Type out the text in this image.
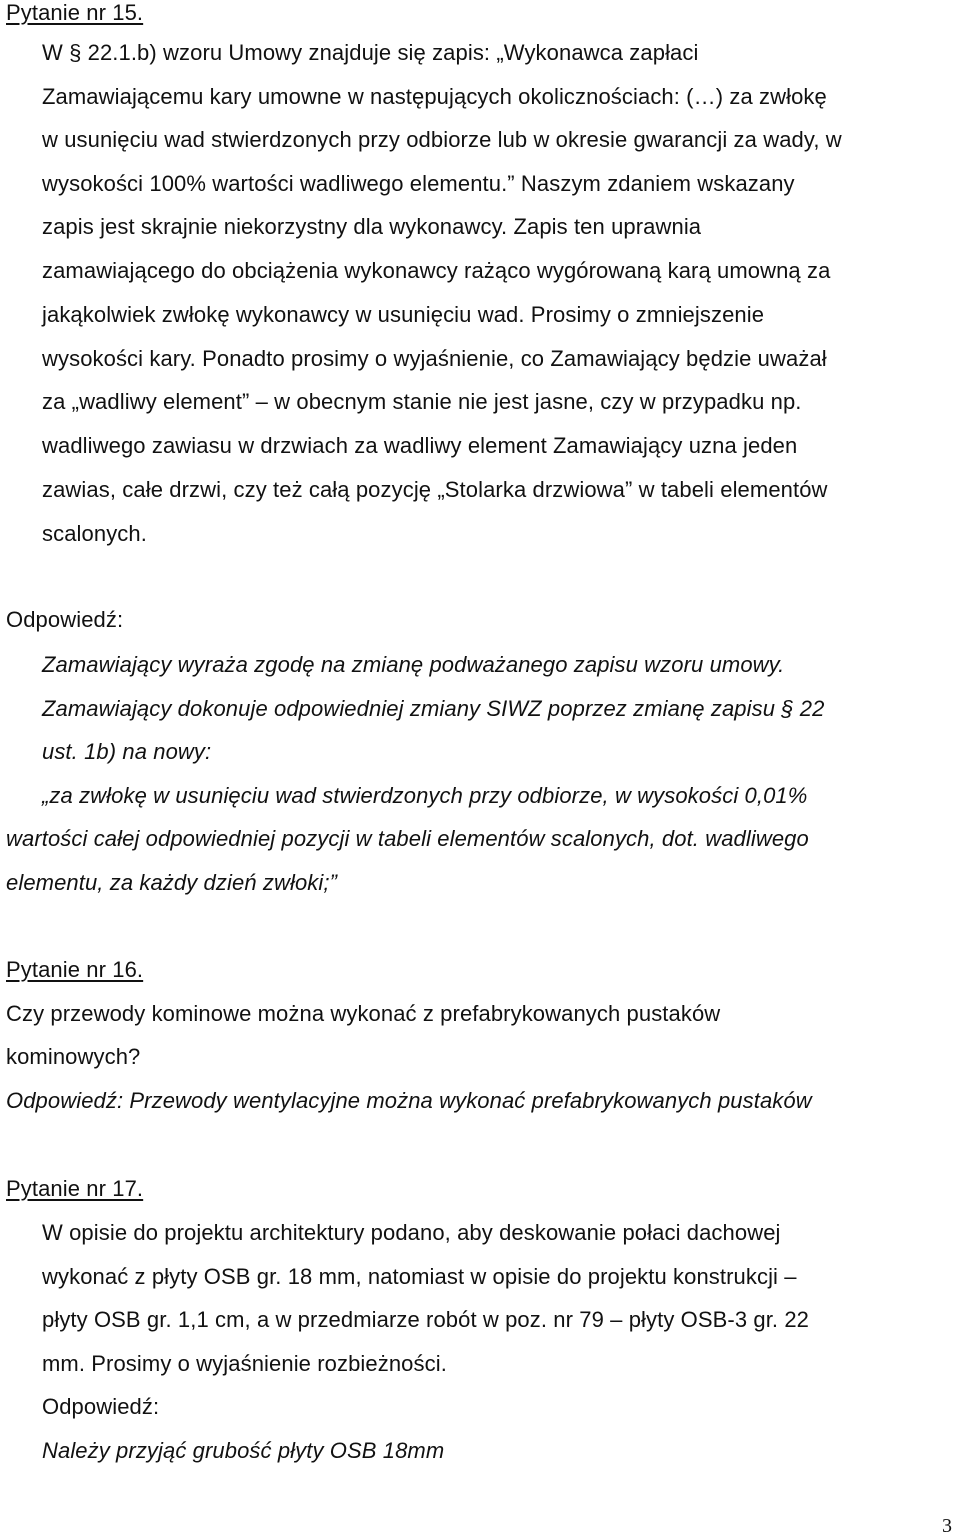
Pytanie nr 15.
W § 22.1.b) wzoru Umowy znajduje się zapis: „Wykonawca zapłaci
Zamawiającemu kary umowne w następujących okolicznościach: (…) za zwłokę
w usunięciu wad stwierdzonych przy odbiorze lub w okresie gwarancji za wady, w
wysokości 100% wartości wadliwego elementu.” Naszym zdaniem wskazany
zapis jest skrajnie niekorzystny dla wykonawcy. Zapis ten uprawnia
zamawiającego do obciążenia wykonawcy rażąco wygórowaną karą umowną za
jakąkolwiek zwłokę wykonawcy w usunięciu wad. Prosimy o zmniejszenie
wysokości kary. Ponadto prosimy o wyjaśnienie, co Zamawiający będzie uważał
za „wadliwy element” – w obecnym stanie nie jest jasne, czy w przypadku np.
wadliwego zawiasu w drzwiach za wadliwy element Zamawiający uzna jeden
zawias, całe drzwi, czy też całą pozycję „Stolarka drzwiowa” w tabeli elementów
scalonych.
Odpowiedź:
Zamawiający wyraża zgodę na zmianę podważanego zapisu wzoru umowy.
Zamawiający dokonuje odpowiedniej zmiany SIWZ poprzez zmianę zapisu § 22
ust. 1b) na nowy:
„za zwłokę w usunięciu wad stwierdzonych przy odbiorze, w wysokości 0,01%
wartości całej odpowiedniej pozycji w tabeli elementów scalonych, dot. wadliwego
elementu, za każdy dzień zwłoki;”
Pytanie nr 16.
Czy przewody kominowe można wykonać z prefabrykowanych pustaków
kominowych?
Odpowiedź: Przewody wentylacyjne można wykonać prefabrykowanych pustaków
Pytanie nr 17.
W opisie do projektu architektury podano, aby deskowanie połaci dachowej
wykonać z płyty OSB gr. 18 mm, natomiast w opisie do projektu konstrukcji –
płyty OSB gr. 1,1 cm, a w przedmiarze robót w poz. nr 79 – płyty OSB-3 gr. 22
mm. Prosimy o wyjaśnienie rozbieżności.
Odpowiedź:
Należy przyjąć grubość płyty OSB 18mm
3
